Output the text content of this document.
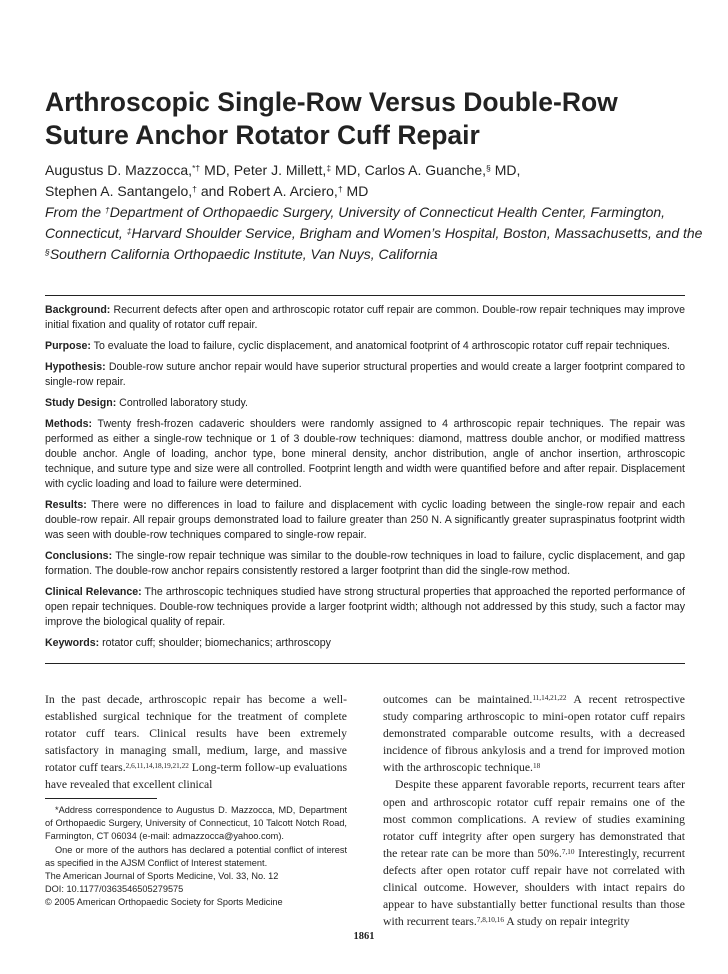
Arthroscopic Single-Row Versus Double-Row Suture Anchor Rotator Cuff Repair
Augustus D. Mazzocca,*† MD, Peter J. Millett,‡ MD, Carlos A. Guanche,§ MD,
Stephen A. Santangelo,† and Robert A. Arciero,† MD
From the †Department of Orthopaedic Surgery, University of Connecticut Health Center, Farmington, Connecticut, ‡Harvard Shoulder Service, Brigham and Women’s Hospital, Boston, Massachusetts, and the §Southern California Orthopaedic Institute, Van Nuys, California

Background: Recurrent defects after open and arthroscopic rotator cuff repair are common. Double-row repair techniques may improve initial fixation and quality of rotator cuff repair.

Purpose: To evaluate the load to failure, cyclic displacement, and anatomical footprint of 4 arthroscopic rotator cuff repair techniques.

Hypothesis: Double-row suture anchor repair would have superior structural properties and would create a larger footprint compared to single-row repair.

Study Design: Controlled laboratory study.

Methods: Twenty fresh-frozen cadaveric shoulders were randomly assigned to 4 arthroscopic repair techniques. The repair was performed as either a single-row technique or 1 of 3 double-row techniques: diamond, mattress double anchor, or modified mattress double anchor. Angle of loading, anchor type, bone mineral density, anchor distribution, angle of anchor insertion, arthroscopic technique, and suture type and size were all controlled. Footprint length and width were quantified before and after repair. Displacement with cyclic loading and load to failure were determined.

Results: There were no differences in load to failure and displacement with cyclic loading between the single-row repair and each double-row repair. All repair groups demonstrated load to failure greater than 250 N. A significantly greater supraspinatus footprint width was seen with double-row techniques compared to single-row repair.

Conclusions: The single-row repair technique was similar to the double-row techniques in load to failure, cyclic displacement, and gap formation. The double-row anchor repairs consistently restored a larger footprint than did the single-row method.

Clinical Relevance: The arthroscopic techniques studied have strong structural properties that approached the reported performance of open repair techniques. Double-row techniques provide a larger footprint width; although not addressed by this study, such a factor may improve the biological quality of repair.

Keywords: rotator cuff; shoulder; biomechanics; arthroscopy

In the past decade, arthroscopic repair has become a well-established surgical technique for the treatment of complete rotator cuff tears. Clinical results have been extremely satisfactory in managing small, medium, large, and massive rotator cuff tears.$^{2,6,11,14,18,19,21,22}$ Long-term follow-up evaluations have revealed that excellent clinical

outcomes can be maintained.$^{11,14,21,22}$ A recent retrospective study comparing arthroscopic to mini-open rotator cuff repairs demonstrated comparable outcome results, with a decreased incidence of fibrous ankylosis and a trend for improved motion with the arthroscopic technique.$^{18}$

Despite these apparent favorable reports, recurrent tears after open and arthroscopic rotator cuff repair remains one of the most common complications. A review of studies examining rotator cuff integrity after open surgery has demonstrated that the retear rate can be more than 50%.$^{7,10}$ Interestingly, recurrent defects after open rotator cuff repair have not correlated with clinical outcome. However, shoulders with intact repairs do appear to have substantially better functional results than those with recurrent tears.$^{7,8,10,16}$ A study on repair integrity

*Address correspondence to Augustus D. Mazzocca, MD, Department of Orthopaedic Surgery, University of Connecticut, 10 Talcott Notch Road, Farmington, CT 06034 (e-mail: admazzocca@yahoo.com).

One or more of the authors has declared a potential conflict of interest as specified in the AJSM Conflict of Interest statement.

The American Journal of Sports Medicine, Vol. 33, No. 12
DOI: 10.1177/0363546505279575
© 2005 American Orthopaedic Society for Sports Medicine
1861
